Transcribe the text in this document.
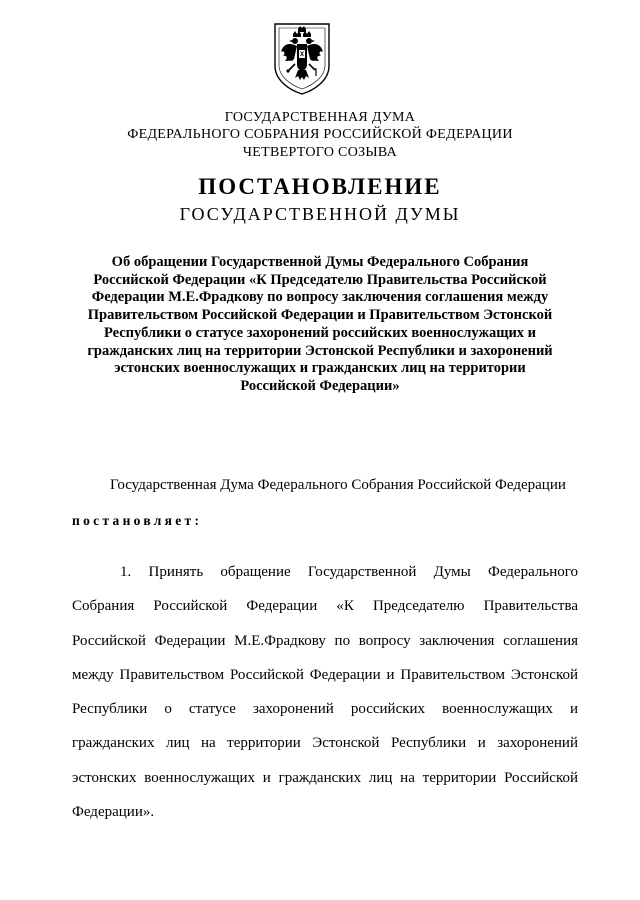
ГОСУДАРСТВЕННАЯ ДУМА
ФЕДЕРАЛЬНОГО СОБРАНИЯ РОССИЙСКОЙ ФЕДЕРАЦИИ
ЧЕТВЕРТОГО СОЗЫВА
ПОСТАНОВЛЕНИЕ
ГОСУДАРСТВЕННОЙ ДУМЫ
Об обращении Государственной Думы Федерального Собрания
Российской Федерации «К Председателю Правительства Российской
Федерации М.Е.Фрадкову по вопросу заключения соглашения между
Правительством Российской Федерации и Правительством Эстонской
Республики о статусе захоронений российских военнослужащих и
гражданских лиц на территории Эстонской Республики и захоронений
эстонских военнослужащих и гражданских лиц на территории
Российской Федерации»
Государственная Дума Федерального Собрания Российской Федерации
постановляет:
1. Принять обращение Государственной Думы Федерального
Собрания Российской Федерации «К Председателю Правительства
Российской Федерации М.Е.Фрадкову по вопросу заключения соглашения
между Правительством Российской Федерации и Правительством Эстонской
Республики о статусе захоронений российских военнослужащих и
гражданских лиц на территории Эстонской Республики и захоронений
эстонских военнослужащих и гражданских лиц на территории Российской
Федерации».
